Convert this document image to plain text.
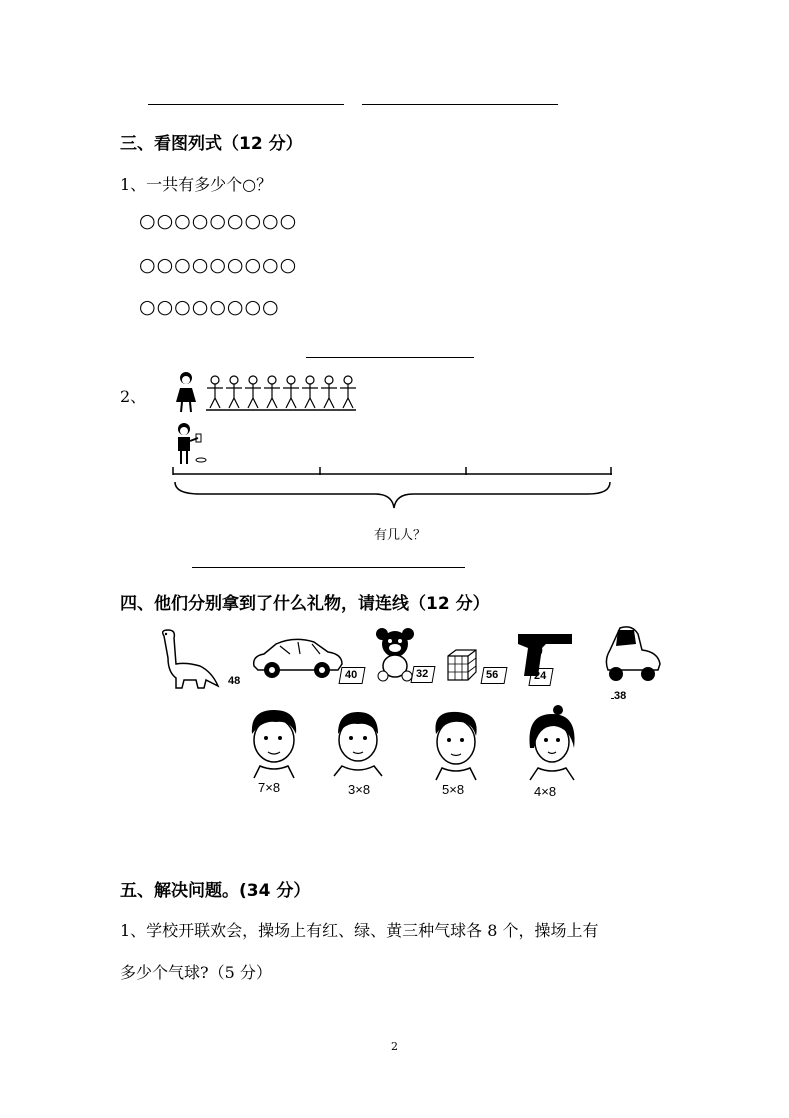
三、看图列式（12 分）
1、一共有多少个○？
○○○○○○○○○
○○○○○○○○○
○○○○○○○○
2、
有几人？
四、他们分别拿到了什么礼物，请连线（12 分）
48	40	32	56	24
38
7×8	3×8	5×8	4×8
五、解决问题。(34 分）
1、学校开联欢会，操场上有红、绿、黄三种气球各 8 个，操场上有
多少个气球?（5 分）
2
